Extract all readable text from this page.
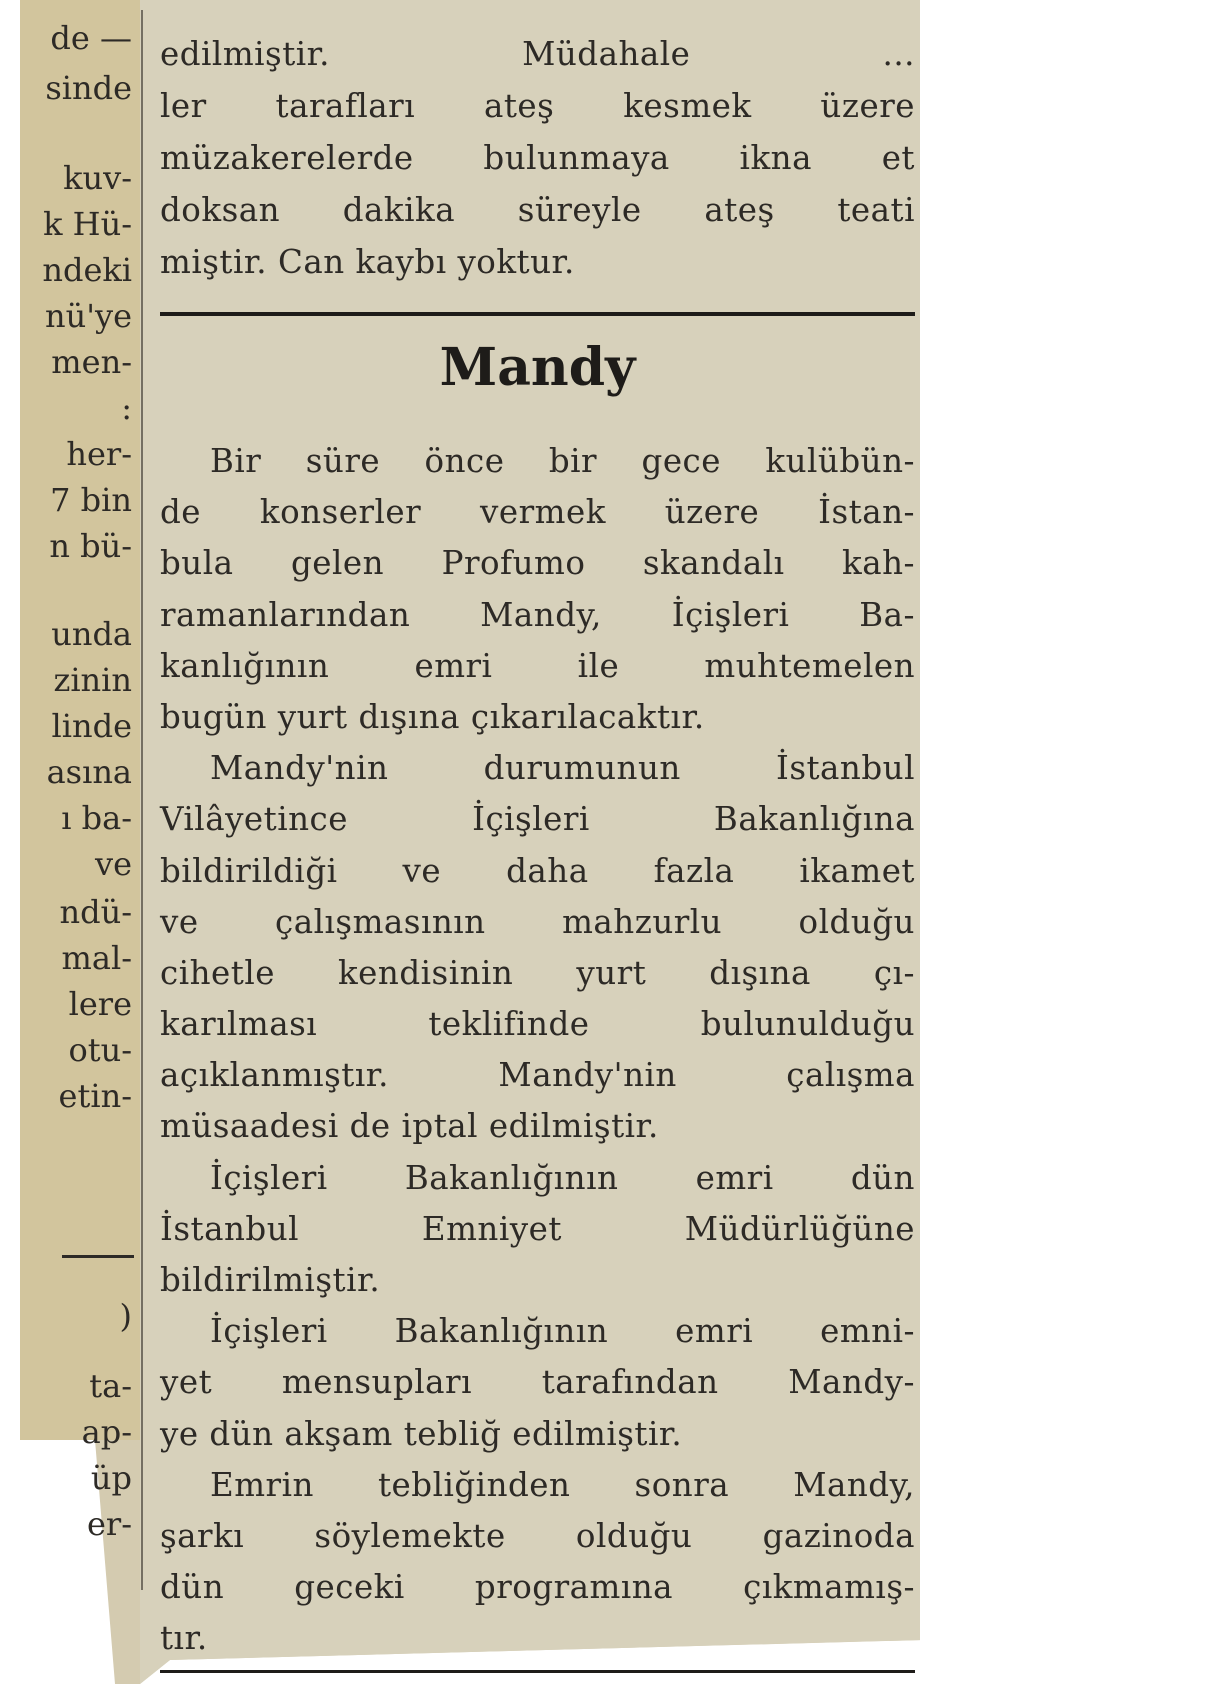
de —
sinde
kuv-
k Hü-
ndeki
nü'ye
men-
:
her-
7 bin
n bü-
unda
zinin
linde
asına
ı ba-
ve
ndü-
mal-
lere
otu-
etin-
)
ta-
ap-
üp
er-
edilmiştir. Müdahale ...
ler tarafları ateş kesmek üzere
müzakerelerde bulunmaya ikna et
doksan dakika süreyle ateş teati
miştir. Can kaybı yoktur.
Mandy
Bir süre önce bir gece kulübün-
de konserler vermek üzere İstan-
bula gelen Profumo skandalı kah-
ramanlarından Mandy, İçişleri Ba-
kanlığının emri ile muhtemelen
bugün yurt dışına çıkarılacaktır.
Mandy'nin durumunun İstanbul
Vilâyetince İçişleri Bakanlığına
bildirildiği ve daha fazla ikamet
ve çalışmasının mahzurlu olduğu
cihetle kendisinin yurt dışına çı-
karılması teklifinde bulunulduğu
açıklanmıştır. Mandy'nin çalışma
müsaadesi de iptal edilmiştir.
İçişleri Bakanlığının emri dün
İstanbul Emniyet Müdürlüğüne
bildirilmiştir.
İçişleri Bakanlığının emri emni-
yet mensupları tarafından Mandy-
ye dün akşam tebliğ edilmiştir.
Emrin tebliğinden sonra Mandy,
şarkı söylemekte olduğu gazinoda
dün geceki programına çıkmamış-
tır.
